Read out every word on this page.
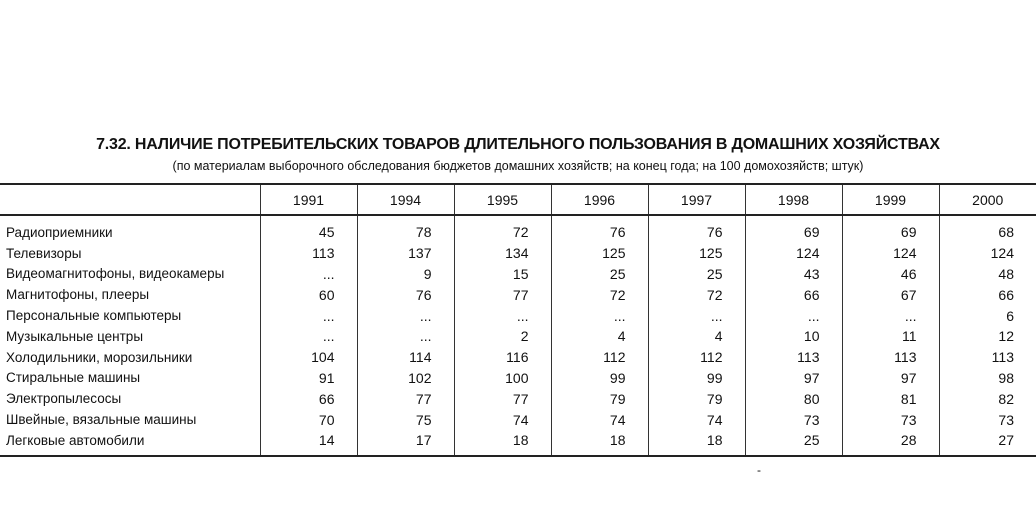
7.32. НАЛИЧИЕ ПОТРЕБИТЕЛЬСКИХ ТОВАРОВ ДЛИТЕЛЬНОГО ПОЛЬЗОВАНИЯ В ДОМАШНИХ ХОЗЯЙСТВАХ
(по материалам выборочного обследования бюджетов домашних хозяйств; на конец года; на 100 домохозяйств; штук)
	1991	1994	1995	1996	1997	1998	1999	2000
Радиоприемники	45	78	72	76	76	69	69	68
Телевизоры	113	137	134	125	125	124	124	124
Видеомагнитофоны, видеокамеры	...	9	15	25	25	43	46	48
Магнитофоны, плееры	60	76	77	72	72	66	67	66
Персональные компьютеры	...	...	...	...	...	...	...	6
Музыкальные центры	...	...	2	4	4	10	11	12
Холодильники, морозильники	104	114	116	112	112	113	113	113
Стиральные машины	91	102	100	99	99	97	97	98
Электропылесосы	66	77	77	79	79	80	81	82
Швейные, вязальные машины	70	75	74	74	74	73	73	73
Легковые автомобили	14	17	18	18	18	25	28	27
-
